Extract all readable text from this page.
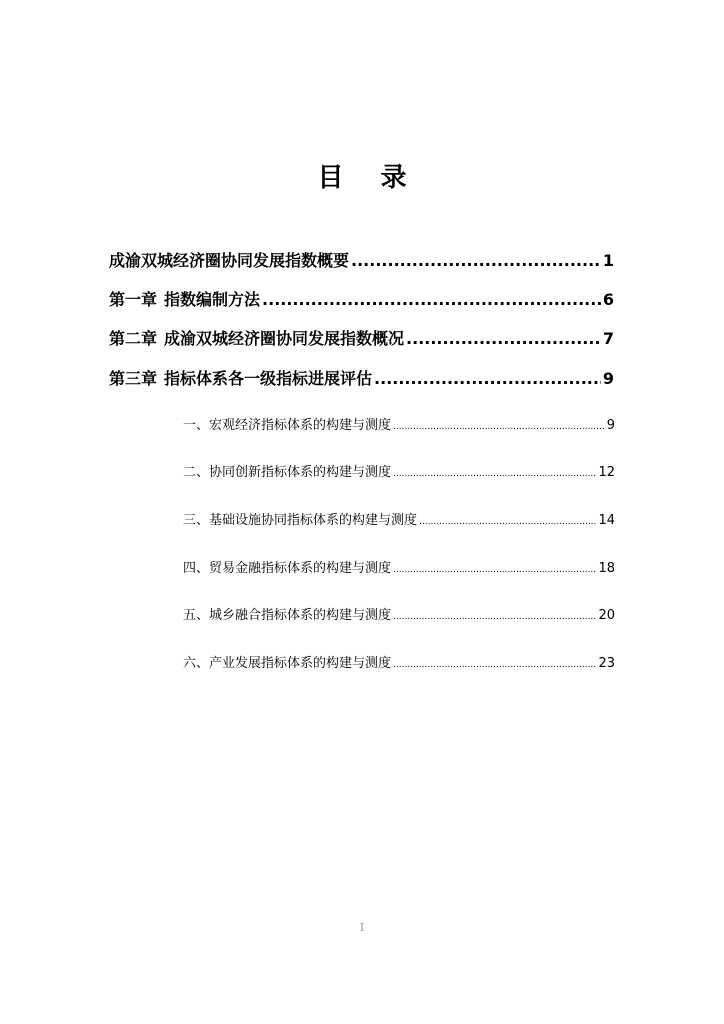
目 录
成渝双城经济圈协同发展指数概要 .....	1
第一章 指数编制方法 .....	6
第二章 成渝双城经济圈协同发展指数概况 .....	7
第三章 指标体系各一级指标进展评估 .....	9
一、 宏观经济指标体系的构建与测度 .....	9
二、 协同创新指标体系的构建与测度 .....	12
三、 基础设施协同指标体系的构建与测度 .....	14
四、 贸易金融指标体系的构建与测度 .....	18
五、 城乡融合指标体系的构建与测度 .....	20
六、 产业发展指标体系的构建与测度 .....	23
I
